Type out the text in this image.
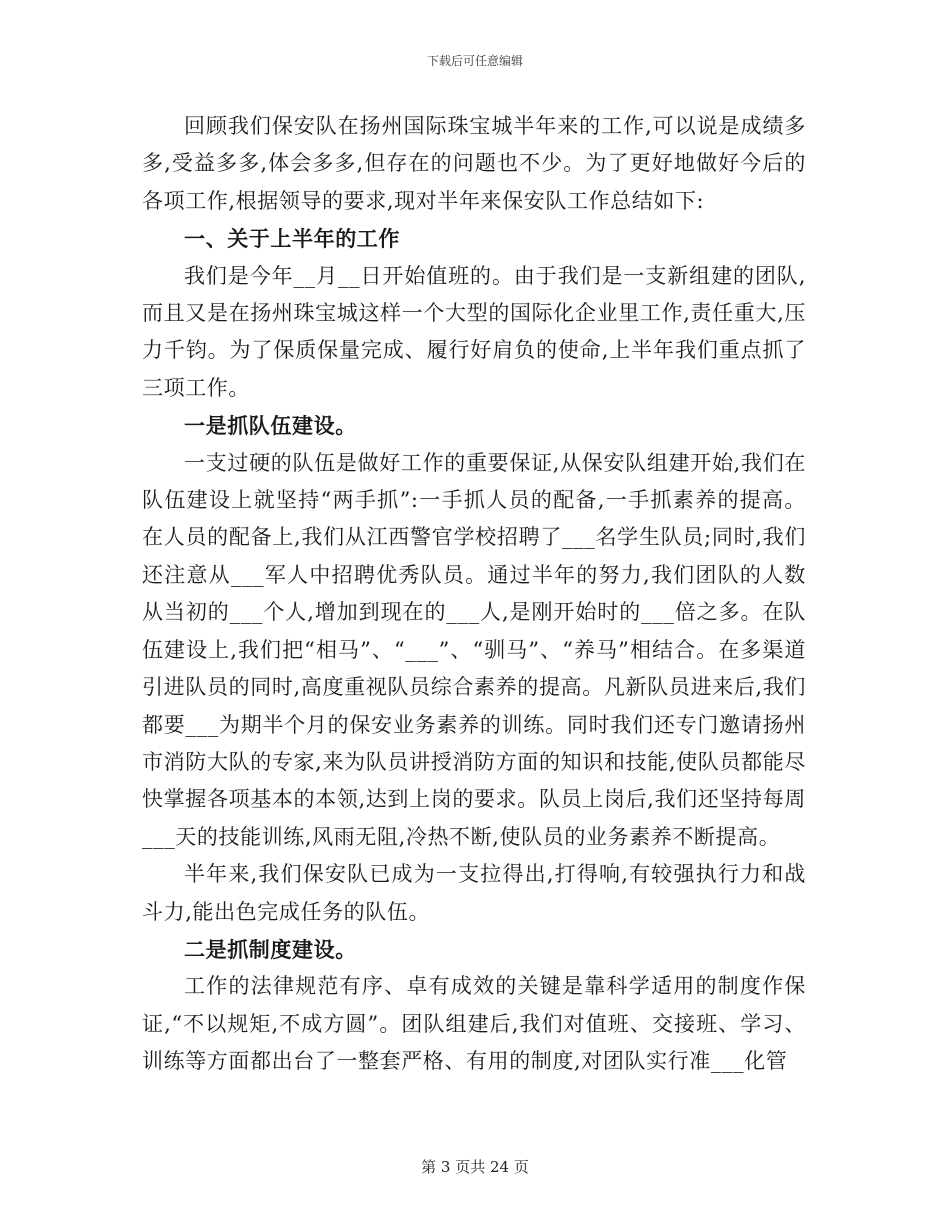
下载后可任意编辑

回顾我们保安队在扬州国际珠宝城半年来的工作,可以说是成绩多多,受益多多,体会多多,但存在的问题也不少。为了更好地做好今后的各项工作,根据领导的要求,现对半年来保安队工作总结如下:

一、关于上半年的工作

我们是今年__月__日开始值班的。由于我们是一支新组建的团队,而且又是在扬州珠宝城这样一个大型的国际化企业里工作,责任重大,压力千钧。为了保质保量完成、履行好肩负的使命,上半年我们重点抓了三项工作。

一是抓队伍建设。

一支过硬的队伍是做好工作的重要保证,从保安队组建开始,我们在队伍建设上就坚持“两手抓”:一手抓人员的配备,一手抓素养的提高。在人员的配备上,我们从江西警官学校招聘了___名学生队员;同时,我们还注意从___军人中招聘优秀队员。通过半年的努力,我们团队的人数从当初的___个人,增加到现在的___人,是刚开始时的___倍之多。在队伍建设上,我们把“相马”、“___”、“驯马”、“养马”相结合。在多渠道引进队员的同时,高度重视队员综合素养的提高。凡新队员进来后,我们都要___为期半个月的保安业务素养的训练。同时我们还专门邀请扬州市消防大队的专家,来为队员讲授消防方面的知识和技能,使队员都能尽快掌握各项基本的本领,达到上岗的要求。队员上岗后,我们还坚持每周___天的技能训练,风雨无阻,冷热不断,使队员的业务素养不断提高。

半年来,我们保安队已成为一支拉得出,打得响,有较强执行力和战斗力,能出色完成任务的队伍。

二是抓制度建设。

工作的法律规范有序、卓有成效的关键是靠科学适用的制度作保证,“不以规矩,不成方圆”。团队组建后,我们对值班、交接班、学习、训练等方面都出台了一整套严格、有用的制度,对团队实行准___化管

第 3 页共 24 页
